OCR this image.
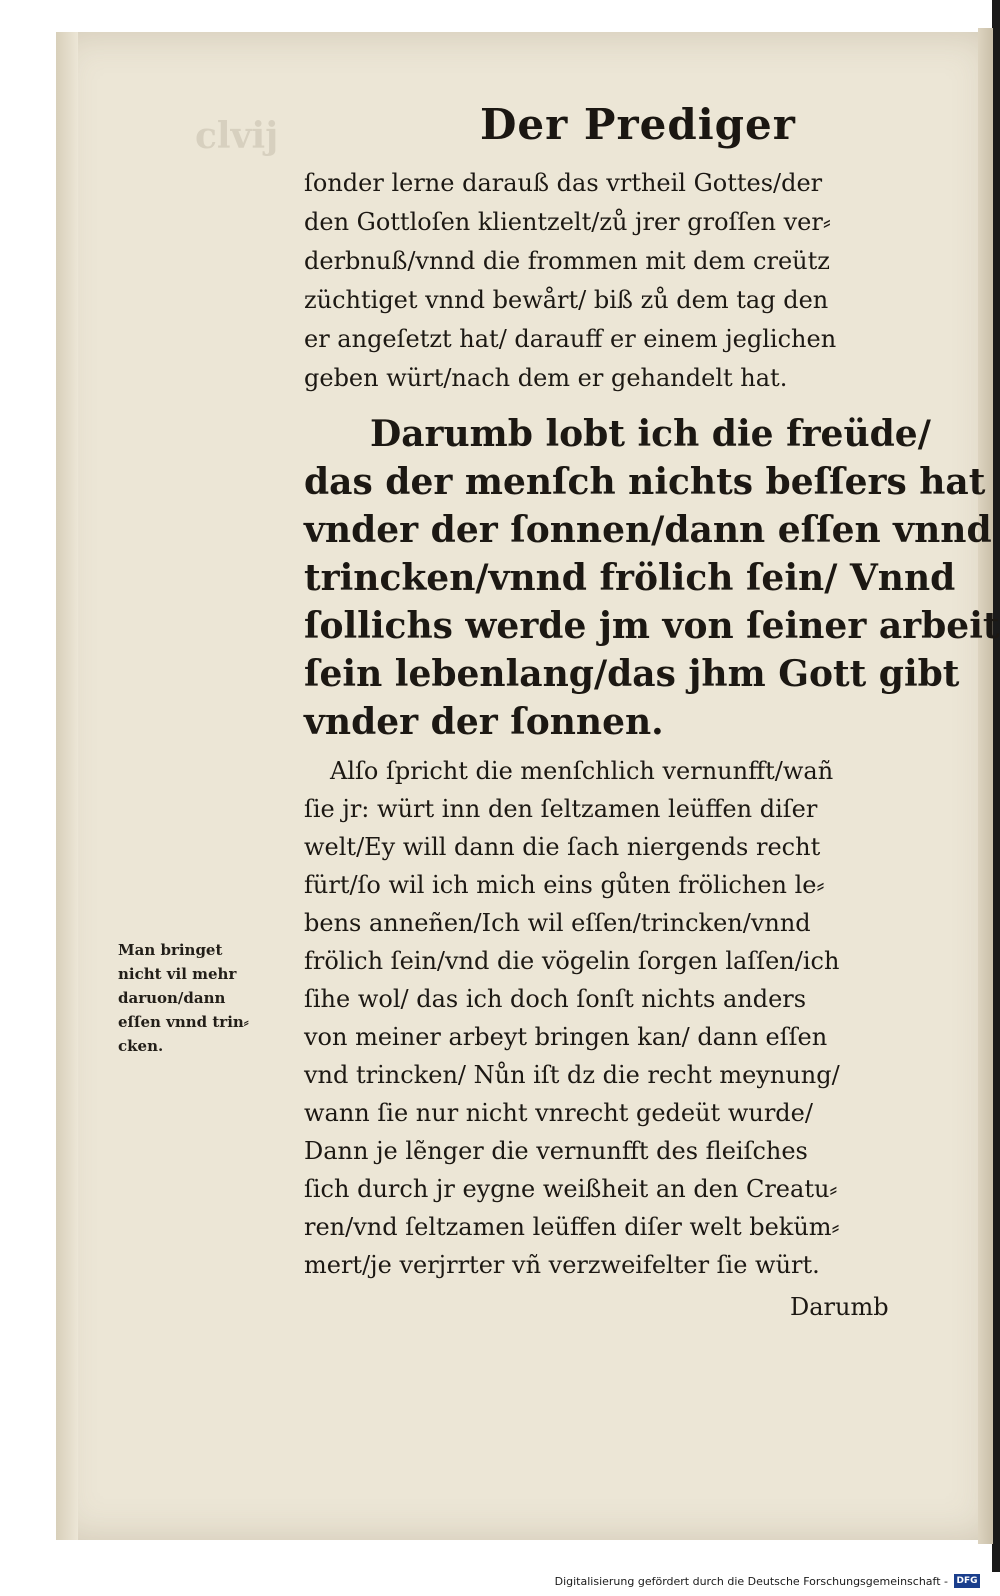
clvij	Der Prediger
ſonder lerne darauß das vrtheil Gottes/der
den Gottloſen klientzelt/zů jrer groſſen ver⸗
derbnuß/vnnd die frommen mit dem creütz
züchtiget vnnd bewårt/ biß zů dem tag den
er angeſetzt hat/ darauff er einem jeglichen
geben würt/nach dem er gehandelt hat.
Darumb lobt ich die freüde/
das der menſch nichts beſſers hat
vnder der ſonnen/dann eſſen vnnd
trincken/vnnd frölich ſein/ Vnnd
ſollichs werde jm von ſeiner arbeit
ſein lebenlang/das jhm Gott gibt
vnder der ſonnen.
Alſo ſpricht die menſchlich vernunfft/wañ
ſie jr: würt inn den ſeltzamen leüffen diſer
welt/Ey will dann die ſach niergends recht
fürt/ſo wil ich mich eins gůten frölichen le⸗
bens anneñen/Ich wil eſſen/trincken/vnnd
frölich ſein/vnd die vögelin ſorgen laſſen/ich
ſihe wol/ das ich doch ſonſt nichts anders
von meiner arbeyt bringen kan/ dann eſſen
vnd trincken/ Nůn iſt dz die recht meynung/
wann ſie nur nicht vnrecht gedeüt wurde/
Dann je lẽnger die vernunfft des fleiſches
ſich durch jr eygne weißheit an den Creatu⸗
ren/vnd ſeltzamen leüffen diſer welt beküm⸗
mert/je verjrrter vñ verzweifelter ſie würt.
Darumb
Man bringet
nicht vil mehr
daruon/dann
eſſen vnnd trin⸗
cken.
Digitalisierung gefördert durch die Deutsche Forschungsgemeinschaft - DFG
